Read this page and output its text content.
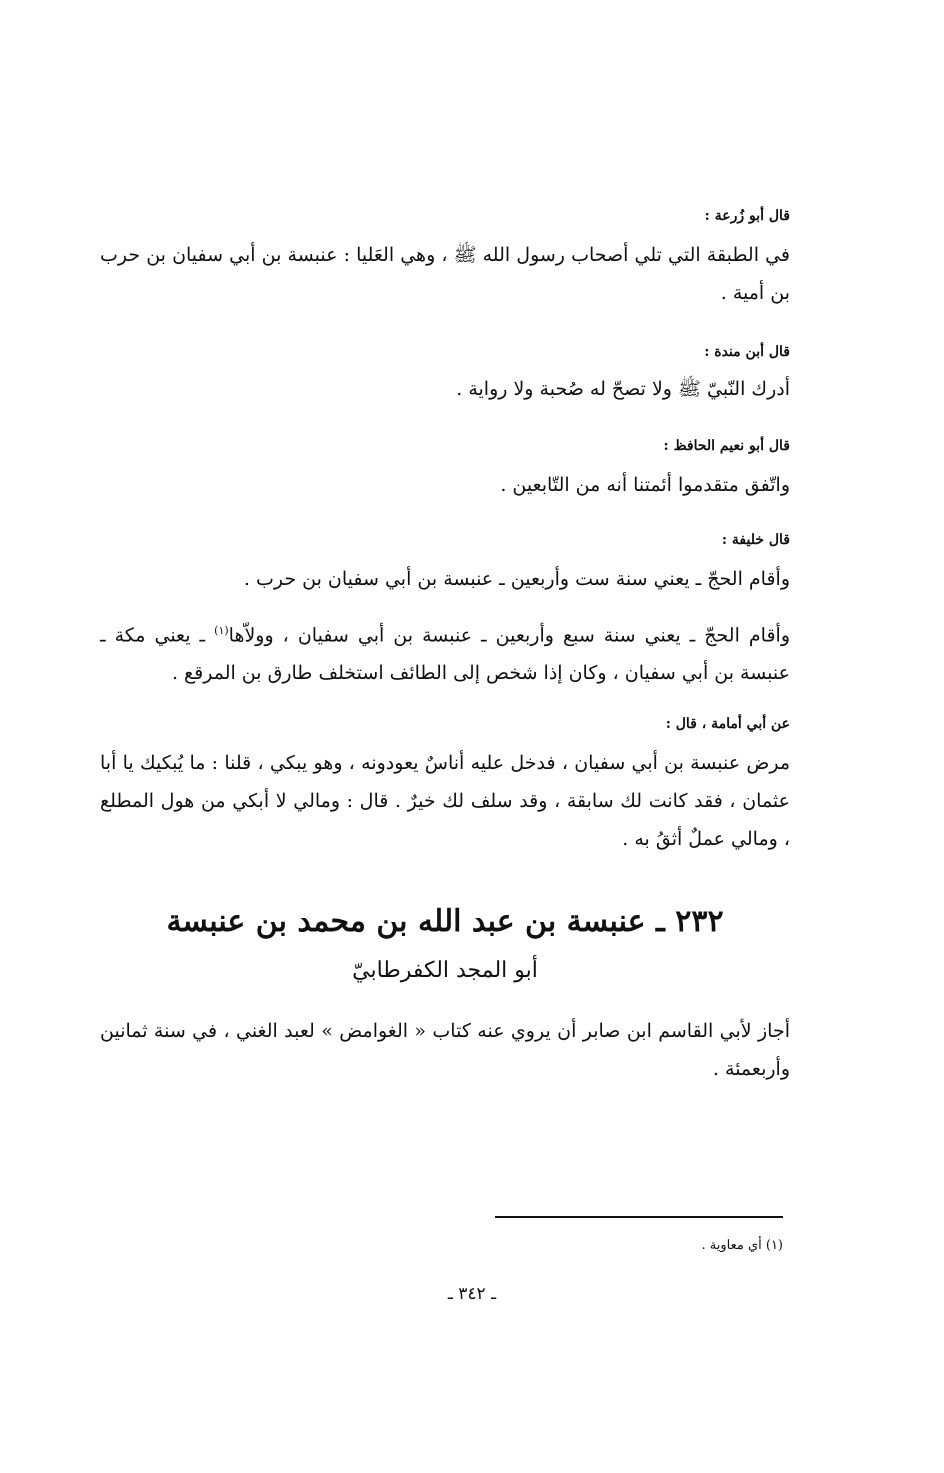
قال أبو زُرعة :
في الطبقة التي تلي أصحاب رسول الله ﷺ ، وهي العَليا : عنبسة بن أبي سفيان بن حرب بن أمية .
قال أبن مندة :
أدرك النّبيّ ﷺ ولا تصحّ له صُحبة ولا رواية .
قال أبو نعيم الحافظ :
واتّفق متقدموا أئمتنا أنه من التّابعين .
قال خليفة :
وأقام الحجّ ـ يعني سنة ست وأربعين ـ عنبسة بن أبي سفيان بن حرب .
وأقام الحجّ ـ يعني سنة سبع وأربعين ـ عنبسة بن أبي سفيان ، وولاّها$^{(١)}$ ـ يعني مكة ـ عنبسة بن أبي سفيان ، وكان إذا شخص إلى الطائف استخلف طارق بن المرقع .
عن أبي أمامة ، قال :
مرض عنبسة بن أبي سفيان ، فدخل عليه أناسٌ يعودونه ، وهو يبكي ، قلنا : ما يُبكيك يا أبا عثمان ، فقد كانت لك سابقة ، وقد سلف لك خيرٌ . قال : ومالي لا أبكي من هول المطلع ، ومالي عملٌ أثقُ به .
٢٣٢ ـ عنبسة بن عبد الله بن محمد بن عنبسة
أبو المجد الكفرطابيّ
أجاز لأبي القاسم ابن صابر أن يروي عنه كتاب « الغوامض » لعبد الغني ، في سنة ثمانين وأربعمئة .
(١) أي معاوية .
ـ ٣٤٢ ـ
